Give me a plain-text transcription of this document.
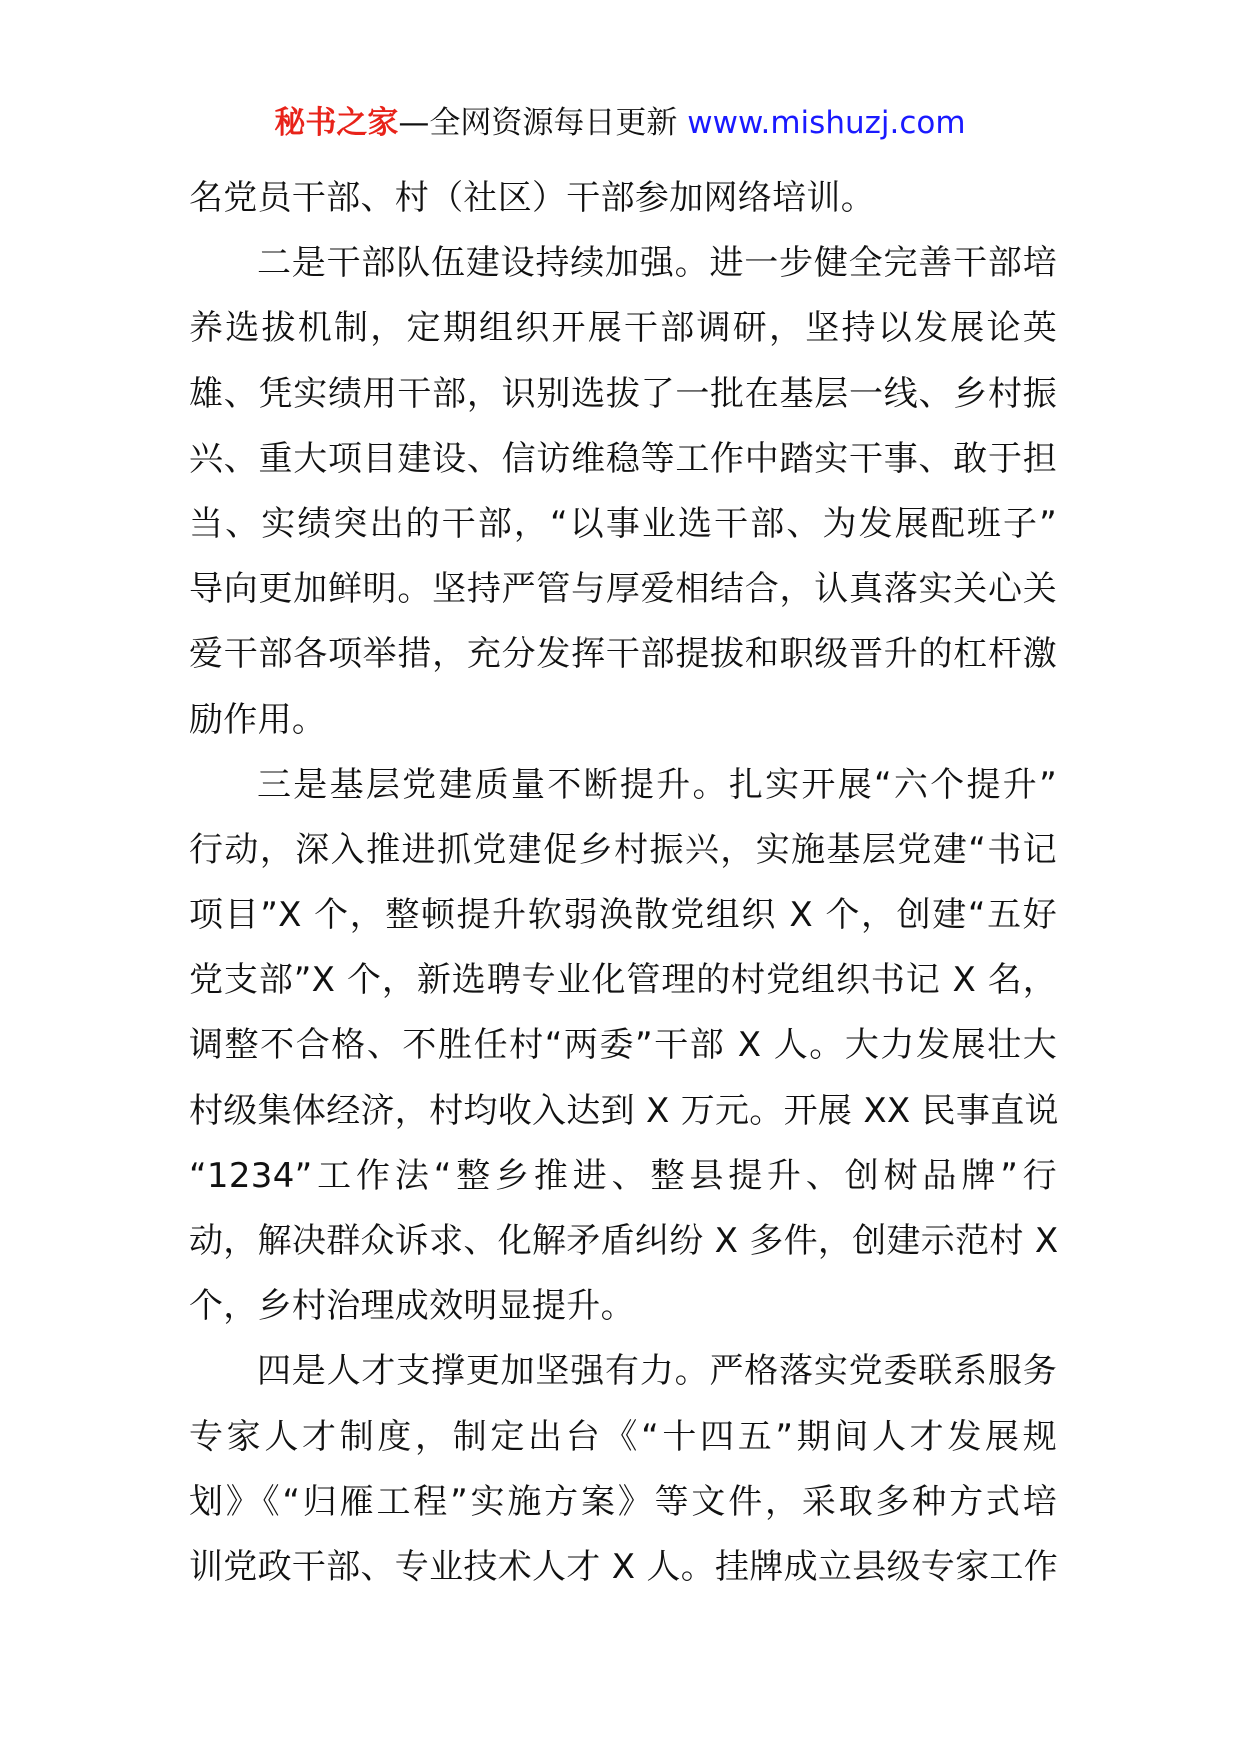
秘书之家—全网资源每日更新 www.mishuzj.com
名党员干部、村（社区）干部参加网络培训。
二是干部队伍建设持续加强。进一步健全完善干部培
养选拔机制，定期组织开展干部调研，坚持以发展论英
雄、凭实绩用干部，识别选拔了一批在基层一线、乡村振
兴、重大项目建设、信访维稳等工作中踏实干事、敢于担
当、实绩突出的干部，“以事业选干部、为发展配班子”
导向更加鲜明。坚持严管与厚爱相结合，认真落实关心关
爱干部各项举措，充分发挥干部提拔和职级晋升的杠杆激
励作用。
三是基层党建质量不断提升。扎实开展“六个提升”
行动，深入推进抓党建促乡村振兴，实施基层党建“书记
项目”X 个，整顿提升软弱涣散党组织 X 个，创建“五好
党支部”X 个，新选聘专业化管理的村党组织书记 X 名，
调整不合格、不胜任村“两委”干部 X 人。大力发展壮大
村级集体经济，村均收入达到 X 万元。开展 XX 民事直说
“1234”工作法“整乡推进、整县提升、创树品牌”行
动，解决群众诉求、化解矛盾纠纷 X 多件，创建示范村 X
个，乡村治理成效明显提升。
四是人才支撑更加坚强有力。严格落实党委联系服务
专家人才制度，制定出台《“十四五”期间人才发展规
划》《“归雁工程”实施方案》等文件，采取多种方式培
训党政干部、专业技术人才 X 人。挂牌成立县级专家工作
